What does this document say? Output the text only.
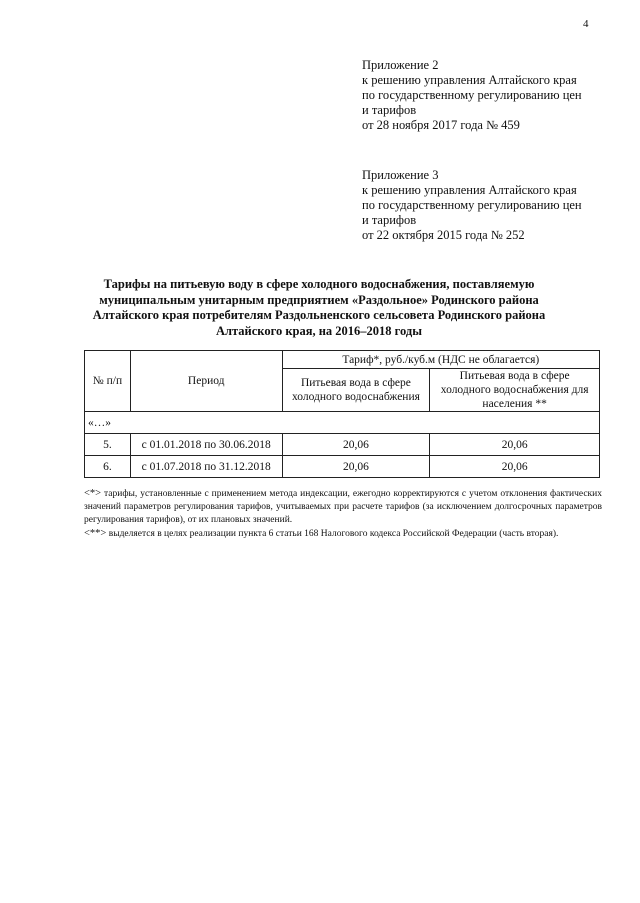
4
Приложение 2
к решению управления Алтайского края
по государственному регулированию цен
и тарифов
от 28 ноября 2017 года № 459
Приложение 3
к решению управления Алтайского края
по государственному регулированию цен
и тарифов
от 22 октября 2015 года № 252
Тарифы на питьевую воду в сфере холодного водоснабжения, поставляемую
муниципальным унитарным предприятием «Раздольное» Родинского района
Алтайского края потребителям Раздольненского сельсовета Родинского района
Алтайского края, на 2016–2018 годы
№ п/п	Период	Тариф*, руб./куб.м (НДС не облагается)	
		Питьевая вода в сфере холодного водоснабжения	Питьевая вода в сфере холодного водоснабжения для населения **
«…»			
5.	с 01.01.2018 по 30.06.2018	20,06	20,06
6.	с 01.07.2018 по 31.12.2018	20,06	20,06
<*> тарифы, установленные с применением метода индексации, ежегодно корректируются с учетом отклонения фактических значений параметров регулирования тарифов, учитываемых при расчете тарифов (за исключением долгосрочных параметров регулирования тарифов), от их плановых значений.
<**> выделяется в целях реализации пункта 6 статьи 168 Налогового кодекса Российской Федерации (часть вторая).
